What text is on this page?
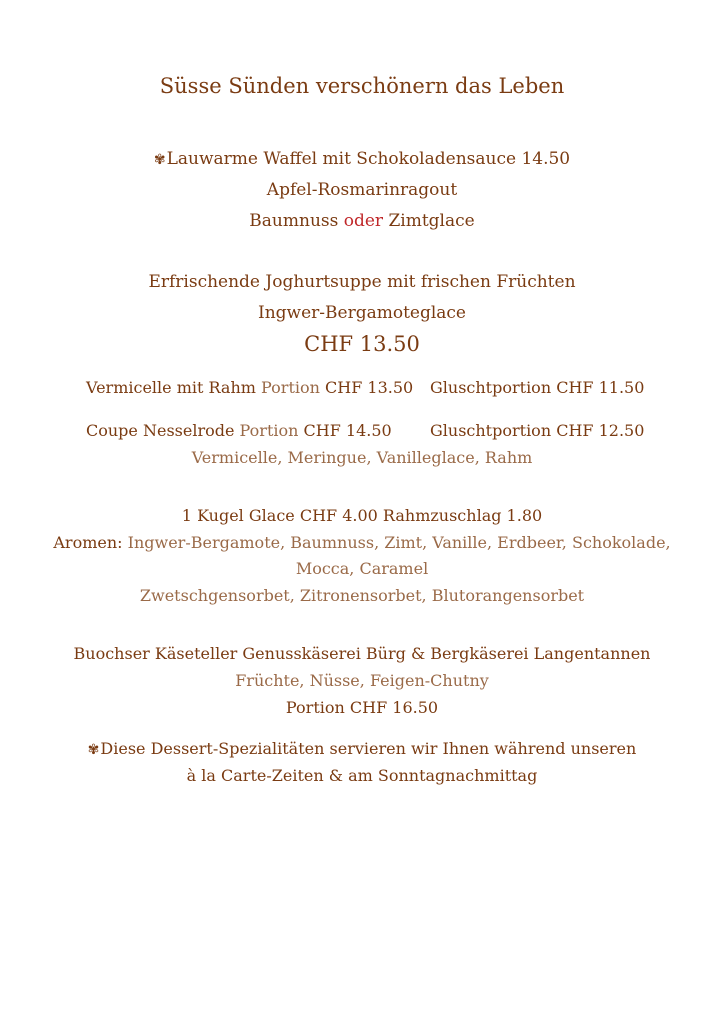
Süsse Sünden verschönern das Leben
✾Lauwarme Waffel mit Schokoladensauce 14.50
Apfel-Rosmarinragout
Baumnuss oder Zimtglace
Erfrischende Joghurtsuppe mit frischen Früchten
Ingwer-Bergamoteglace
CHF 13.50
Vermicelle mit Rahm Portion CHF 13.50 Gluschtportion CHF 11.50
Coupe Nesselrode Portion CHF 14.50 Gluschtportion CHF 12.50
Vermicelle, Meringue, Vanilleglace, Rahm
1 Kugel Glace CHF 4.00 Rahmzuschlag 1.80
Aromen: Ingwer-Bergamote, Baumnuss, Zimt, Vanille, Erdbeer, Schokolade,
Mocca, Caramel
Zwetschgensorbet, Zitronensorbet, Blutorangensorbet
Buochser Käseteller Genusskäserei Bürg & Bergkäserei Langentannen
Früchte, Nüsse, Feigen-Chutny
Portion CHF 16.50
✾Diese Dessert-Spezialitäten servieren wir Ihnen während unseren
à la Carte-Zeiten & am Sonntagnachmittag
